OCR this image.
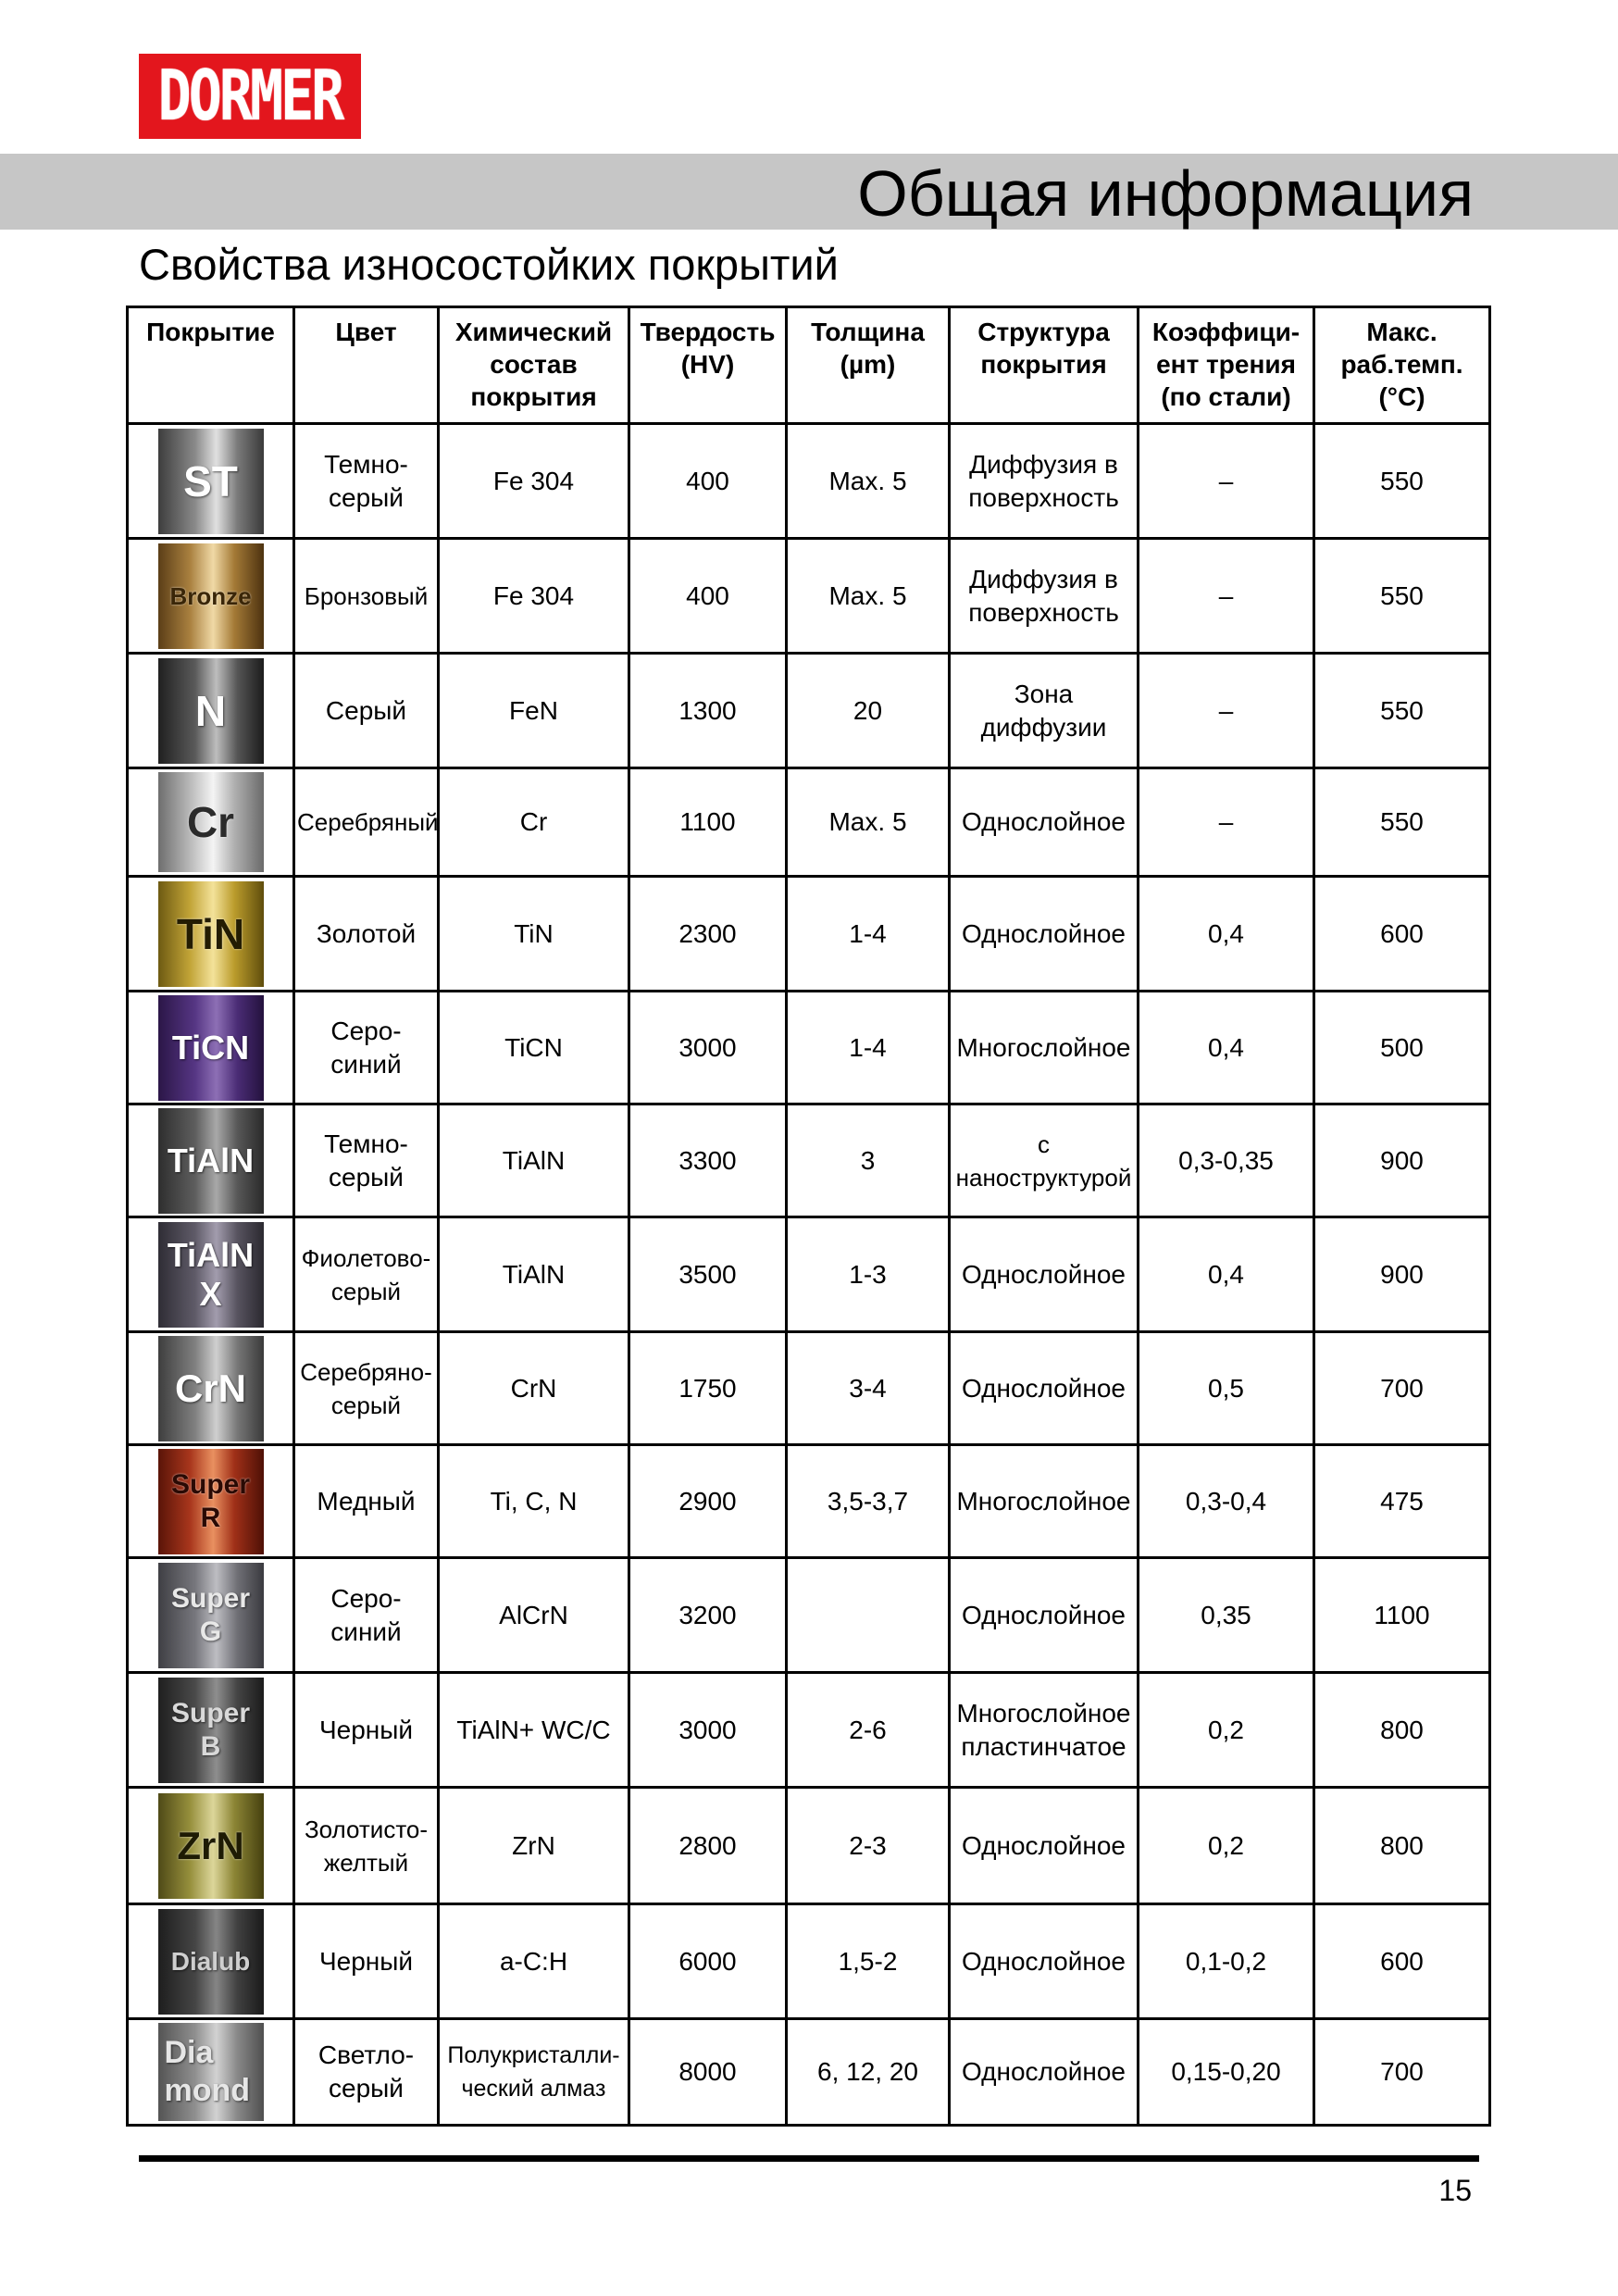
DORMER
Общая информация
Свойства износостойких покрытий
Покрытие	Цвет	Химический состав покрытия	Твердость (HV)	Толщина (µm)	Структура покрытия	Коэффици-ент трения (по стали)	Макс. раб.темп. (°C)

ST	Темно-серый	Fe 304	400	Max. 5	Диффузия в поверхность	–	550

Bronze	Бронзовый	Fe 304	400	Max. 5	Диффузия в поверхность	–	550

N	Серый	FeN	1300	20	Зона диффузии	–	550

Cr	Серебряный	Cr	1100	Max. 5	Однослойное	–	550

TiN	Золотой	TiN	2300	1-4	Однослойное	0,4	600

TiCN	Серо-синий	TiCN	3000	1-4	Многослойное	0,4	500

TiAlN	Темно-серый	TiAlN	3300	3	с наноструктурой	0,3-0,35	900

TiAlN X	Фиолетово-серый	TiAlN	3500	1-3	Однослойное	0,4	900

CrN	Серебряно-серый	CrN	1750	3-4	Однослойное	0,5	700

Super R	Медный	Ti, C, N	2900	3,5-3,7	Многослойное	0,3-0,4	475

Super G	Серо-синий	AlCrN	3200		Однослойное	0,35	1100

Super B	Черный	TiAlN+ WC/C	3000	2-6	Многослойное пластинчатое	0,2	800

ZrN	Золотисто-желтый	ZrN	2800	2-3	Однослойное	0,2	800

Dialub	Черный	a-C:H	6000	1,5-2	Однослойное	0,1-0,2	600

Dia mond	Светло-серый	Полукристалли-ческий алмаз	8000	6, 12, 20	Однослойное	0,15-0,20	700
15
